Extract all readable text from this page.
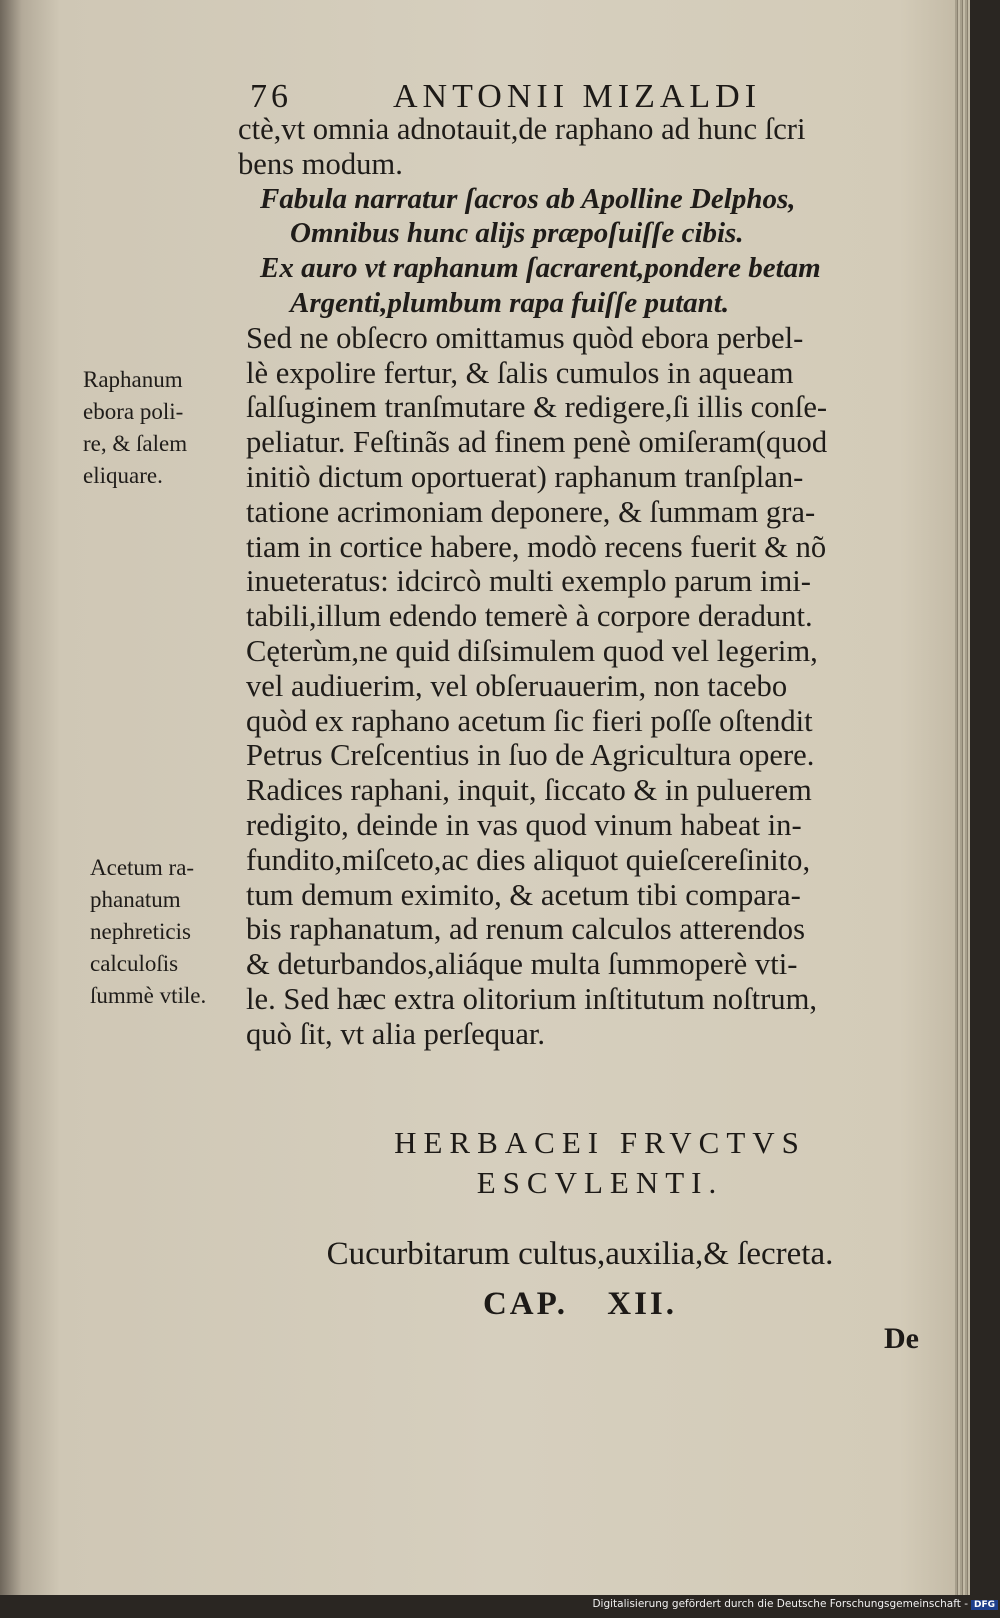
76	ANTONII MIZALDI
ctè,vt omnia adnotauit,de raphano ad hunc ſcri
bens modum.
Fabula narratur ſacros ab Apolline Delphos,
Omnibus hunc alijs præpoſuiſſe cibis.
Ex auro vt raphanum ſacrarent,pondere betam
Argenti,plumbum rapa fuiſſe putant.
Sed ne obſecro omittamus quòd ebora perbel-
lè expolire fertur, & ſalis cumulos in aqueam
ſalſuginem tranſmutare & redigere,ſi illis conſe-
peliatur. Feſtinãs ad finem penè omiſeram(quod
initiò dictum oportuerat) raphanum tranſplan-
tatione acrimoniam deponere, & ſummam gra-
tiam in cortice habere, modò recens fuerit & nõ
inueteratus: idcircò multi exemplo parum imi-
tabili,illum edendo temerè à corpore deradunt.
Cęterùm,ne quid diſsimulem quod vel legerim,
vel audiuerim, vel obſeruauerim, non tacebo
quòd ex raphano acetum ſic fieri poſſe oſtendit
Petrus Creſcentius in ſuo de Agricultura opere.
Radices raphani, inquit, ſiccato & in puluerem
redigito, deinde in vas quod vinum habeat in-
fundito,miſceto,ac dies aliquot quieſcereſinito,
tum demum eximito, & acetum tibi compara-
bis raphanatum, ad renum calculos atterendos
& deturbandos,aliáque multa ſummoperè vti-
le. Sed hæc extra olitorium inſtitutum noſtrum,
quò ſit, vt alia perſequar.
Raphanum
ebora poli-
re, & ſalem
eliquare.
Acetum ra-
phanatum
nephreticis
calculoſis
ſummè vtile.
HERBACEI FRVCTVS
ESCVLENTI.
Cucurbitarum cultus,auxilia,& ſecreta.
CAP. XII.
De
Digitalisierung gefördert durch die Deutsche Forschungsgemeinschaft - DFG
